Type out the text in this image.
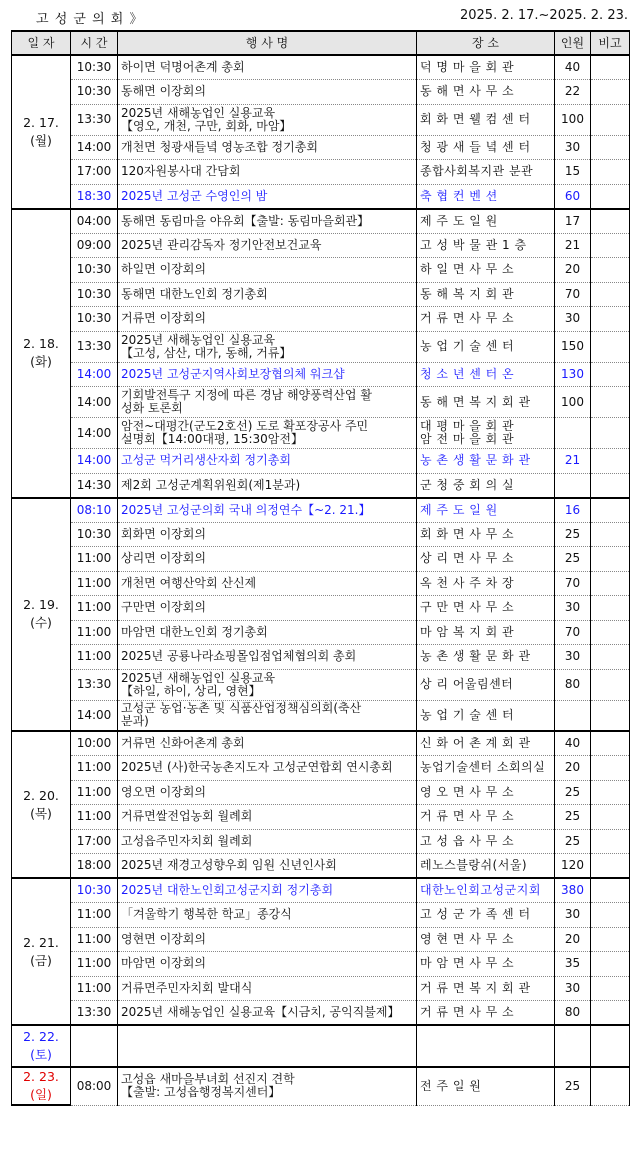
고 성 군 의 회 》	2025. 2. 17.~2025. 2. 23.
일 자	시 간	행 사 명	장 소	인원	비고
2. 17.
(월)	10:30	하이면 덕명어촌계 총회	덕 명 마 을 회 관	40	
	10:30	동해면 이장회의	동 해 면 사 무 소	22	
	13:30	2025년 새해농업인 실용교육
【영오, 개천, 구만, 회화, 마암】	회 화 면 웰 컴 센 터	100	
	14:00	개천면 청광새들녘 영농조합 정기총회	청 광 새 들 녘 센 터	30	
	17:00	120자원봉사대 간담회	종합사회복지관 분관	15	
	18:30	2025년 고성군 수영인의 밤	축 협 컨 벤 션	60	
2. 18.
(화)	04:00	동해면 동림마을 야유회【출발: 동림마을회관】	제 주 도 일 원	17	
	09:00	2025년 관리감독자 정기안전보건교육	고 성 박 물 관 1 층	21	
	10:30	하일면 이장회의	하 일 면 사 무 소	20	
	10:30	동해면 대한노인회 정기총회	동 해 복 지 회 관	70	
	10:30	거류면 이장회의	거 류 면 사 무 소	30	
	13:30	2025년 새해농업인 실용교육
【고성, 삼산, 대가, 동해, 거류】	농 업 기 술 센 터	150	
	14:00	2025년 고성군지역사회보장협의체 워크샵	청 소 년 센 터 온	130	
	14:00	기회발전특구 지정에 따른 경남 해양풍력산업 활
성화 토론회	동 해 면 복 지 회 관	100	
	14:00	암전~대평간(군도2호선) 도로 확포장공사 주민
설명회【14:00대평, 15:30암전】	대 평 마 을 회 관
암 전 마 을 회 관		
	14:00	고성군 먹거리생산자회 정기총회	농 촌 생 활 문 화 관	21	
	14:30	제2회 고성군계획위원회(제1분과)	군 청 중 회 의 실		
2. 19.
(수)	08:10	2025년 고성군의회 국내 의정연수【~2. 21.】	제 주 도 일 원	16	
	10:30	회화면 이장회의	회 화 면 사 무 소	25	
	11:00	상리면 이장회의	상 리 면 사 무 소	25	
	11:00	개천면 여행산악회 산신제	옥 천 사 주 차 장	70	
	11:00	구만면 이장회의	구 만 면 사 무 소	30	
	11:00	마암면 대한노인회 정기총회	마 암 복 지 회 관	70	
	11:00	2025년 공룡나라쇼핑몰입점업체협의회 총회	농 촌 생 활 문 화 관	30	
	13:30	2025년 새해농업인 실용교육
【하일, 하이, 상리, 영현】	상 리 어울림센터	80	
	14:00	고성군 농업·농촌 및 식품산업정책심의회(축산
분과)	농 업 기 술 센 터		
2. 20.
(목)	10:00	거류면 신화어촌계 총회	신 화 어 촌 계 회 관	40	
	11:00	2025년 (사)한국농촌지도자 고성군연합회 연시총회	농업기술센터 소회의실	20	
	11:00	영오면 이장회의	영 오 면 사 무 소	25	
	11:00	거류면쌀전업농회 월례회	거 류 면 사 무 소	25	
	17:00	고성읍주민자치회 월례회	고 성 읍 사 무 소	25	
	18:00	2025년 재경고성향우회 임원 신년인사회	레노스블랑쉬(서울)	120	
2. 21.
(금)	10:30	2025년 대한노인회고성군지회 정기총회	대한노인회고성군지회	380	
	11:00	「겨울학기 행복한 학교」종강식	고 성 군 가 족 센 터	30	
	11:00	영현면 이장회의	영 현 면 사 무 소	20	
	11:00	마암면 이장회의	마 암 면 사 무 소	35	
	11:00	거류면주민자치회 발대식	거 류 면 복 지 회 관	30	
	13:30	2025년 새해농업인 실용교육【시금치, 공익직불제】	거 류 면 사 무 소	80	
2. 22.
(토)					
2. 23.
(일)	08:00	고성읍 새마을부녀회 선진지 견학
【출발: 고성읍행정복지센터】	전 주 일 원	25	
